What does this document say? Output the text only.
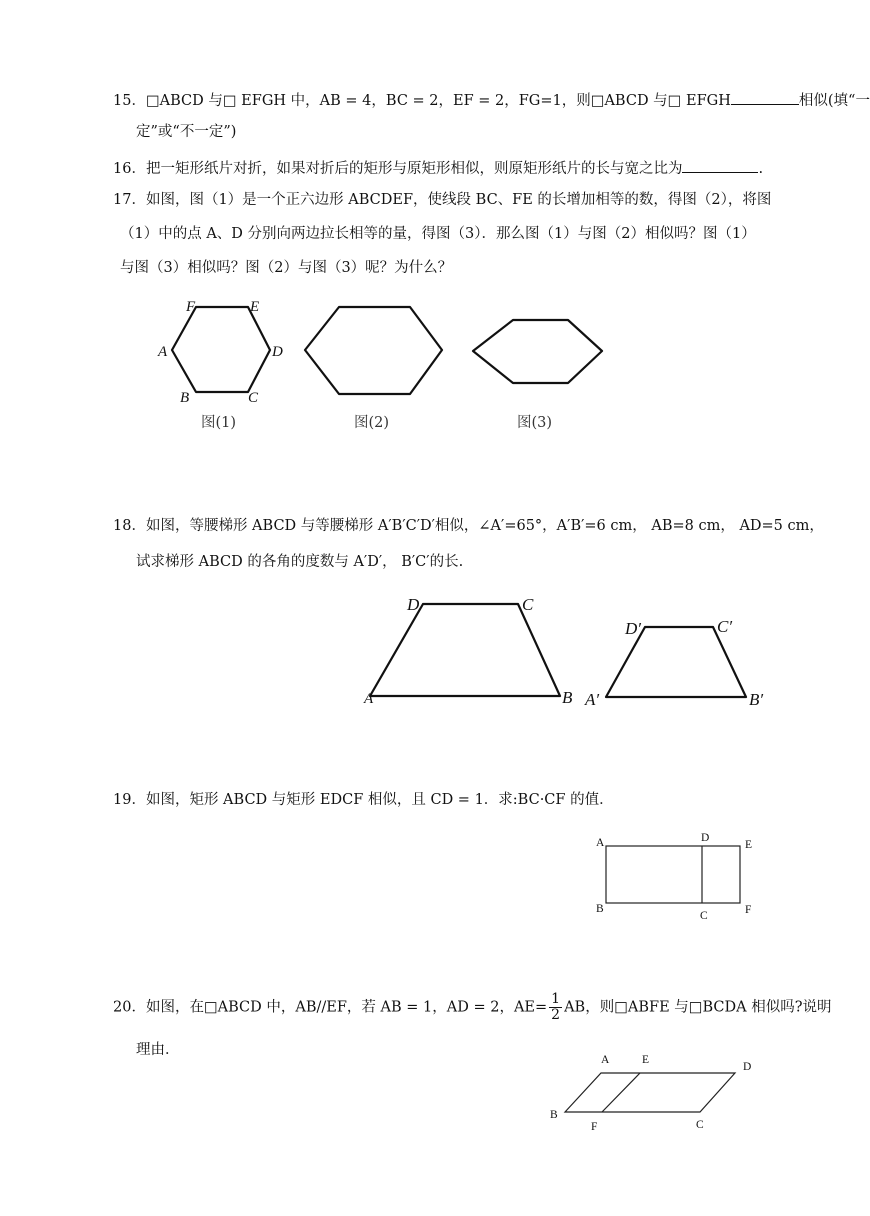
15．□ABCD 与□ EFGH 中，AB = 4，BC = 2，EF = 2，FG=1，则□ABCD 与□ EFGH	相似(填“一
定”或“不一定”)
16．把一矩形纸片对折，如果对折后的矩形与原矩形相似，则原矩形纸片的长与宽之比为	.
17．如图，图（1）是一个正六边形 ABCDEF，使线段 BC、FE 的长增加相等的数，得图（2），将图
（1）中的点 A、D 分别向两边拉长相等的量，得图（3）．那么图（1）与图（2）相似吗？图（1）
与图（3）相似吗？图（2）与图（3）呢？为什么？
18．如图，等腰梯形 ABCD 与等腰梯形 A′B′C′D′相似，∠A′=65°，A′B′=6 cm， AB=8 cm， AD=5 cm，
试求梯形 ABCD 的各角的度数与 A′D′， B′C′的长.
19．如图，矩形 ABCD 与矩形 EDCF 相似，且 CD = 1．求:BC·CF 的值．
20．如图，在□ABCD 中，AB//EF，若 AB = 1，AD = 2，$AE= \frac{1}{2}$ AB，则□ABFE 与□BCDA 相似吗?说明
理由．
F	E
A	D
B	C
图(1)	图(2)	图(3)
D	C
A	B
D′	C′
A′	B′
A	D
E
B
C	F
A	E
D
B
F	C
